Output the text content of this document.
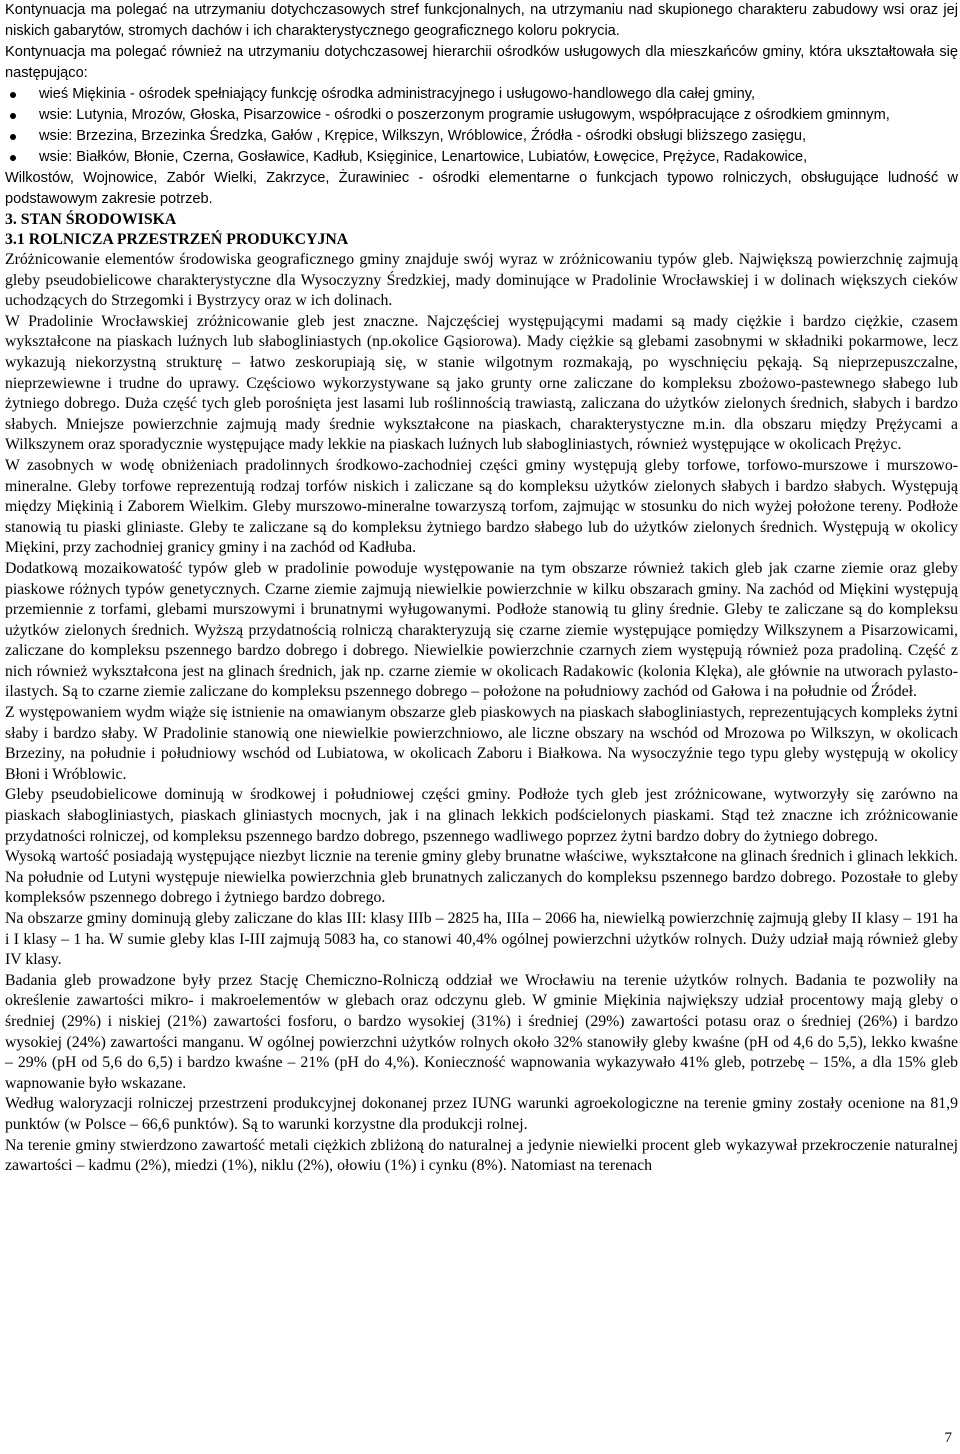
Kontynuacja ma polegać na utrzymaniu dotychczasowych stref funkcjonalnych, na utrzymaniu nad skupionego charakteru zabudowy wsi oraz jej niskich gabarytów, stromych dachów i ich charakterystycznego geograficznego koloru pokrycia.

Kontynuacja ma polegać również na utrzymaniu dotychczasowej hierarchii ośrodków usługowych dla mieszkańców gminy, która ukształtowała się następująco:

wieś Miękinia - ośrodek spełniający funkcję ośrodka administracyjnego i usługowo-handlowego dla całej gminy,
wsie: Lutynia, Mrozów, Głoska, Pisarzowice - ośrodki o poszerzonym programie usługowym, współpracujące z ośrodkiem gminnym,
wsie: Brzezina, Brzezinka Średzka, Gałów , Krępice, Wilkszyn, Wróblowice, Źródła - ośrodki obsługi bliższego zasięgu,
wsie: Białków, Błonie, Czerna, Gosławice, Kadłub, Księginice, Lenartowice, Lubiatów, Łowęcice, Prężyce, Radakowice,

Wilkostów, Wojnowice, Zabór Wielki, Zakrzyce, Żurawiniec - ośrodki elementarne o funkcjach typowo rolniczych, obsługujące ludność w podstawowym zakresie potrzeb.

3. STAN ŚRODOWISKA
3.1 ROLNICZA PRZESTRZEŃ PRODUKCYJNA

Zróżnicowanie elementów środowiska geograficznego gminy znajduje swój wyraz w zróżnicowaniu typów gleb. Największą powierzchnię zajmują gleby pseudobielicowe charakterystyczne dla Wysoczyzny Średzkiej, mady dominujące w Pradolinie Wrocławskiej i w dolinach większych cieków uchodzących do Strzegomki i Bystrzycy oraz w ich dolinach.

W Pradolinie Wrocławskiej zróżnicowanie gleb jest znaczne. Najczęściej występującymi madami są mady ciężkie i bardzo ciężkie, czasem wykształcone na piaskach luźnych lub słabogliniastych (np.okolice Gąsiorowa). Mady ciężkie są glebami zasobnymi w składniki pokarmowe, lecz wykazują niekorzystną strukturę – łatwo zeskorupiają się, w stanie wilgotnym rozmakają, po wyschnięciu pękają. Są nieprzepuszczalne, nieprzewiewne i trudne do uprawy. Częściowo wykorzystywane są jako grunty orne zaliczane do kompleksu zbożowo-pastewnego słabego lub żytniego dobrego. Duża część tych gleb porośnięta jest lasami lub roślinnością trawiastą, zaliczana do użytków zielonych średnich, słabych i bardzo słabych. Mniejsze powierzchnie zajmują mady średnie wykształcone na piaskach, charakterystyczne m.in. dla obszaru między Prężycami a Wilkszynem oraz sporadycznie występujące mady lekkie na piaskach luźnych lub słabogliniastych, również występujące w okolicach Prężyc.

W zasobnych w wodę obniżeniach pradolinnych środkowo-zachodniej części gminy występują gleby torfowe, torfowo-murszowe i murszowo-mineralne. Gleby torfowe reprezentują rodzaj torfów niskich i zaliczane są do kompleksu użytków zielonych słabych i bardzo słabych. Występują między Miękinią i Zaborem Wielkim. Gleby murszowo-mineralne towarzyszą torfom, zajmując w stosunku do nich wyżej położone tereny. Podłoże stanowią tu piaski gliniaste. Gleby te zaliczane są do kompleksu żytniego bardzo słabego lub do użytków zielonych średnich. Występują w okolicy Miękini, przy zachodniej granicy gminy i na zachód od Kadłuba.

Dodatkową mozaikowatość typów gleb w pradolinie powoduje występowanie na tym obszarze również takich gleb jak czarne ziemie oraz gleby piaskowe różnych typów genetycznych. Czarne ziemie zajmują niewielkie powierzchnie w kilku obszarach gminy. Na zachód od Miękini występują przemiennie z torfami, glebami murszowymi i brunatnymi wyługowanymi. Podłoże stanowią tu gliny średnie. Gleby te zaliczane są do kompleksu użytków zielonych średnich. Wyższą przydatnością rolniczą charakteryzują się czarne ziemie występujące pomiędzy Wilkszynem a Pisarzowicami, zaliczane do kompleksu pszennego bardzo dobrego i dobrego. Niewielkie powierzchnie czarnych ziem występują również poza pradoliną. Część z nich również wykształcona jest na glinach średnich, jak np. czarne ziemie w okolicach Radakowic (kolonia Klęka), ale głównie na utworach pylasto-ilastych. Są to czarne ziemie zaliczane do kompleksu pszennego dobrego – położone na południowy zachód od Gałowa i na południe od Źródeł.

Z występowaniem wydm wiąże się istnienie na omawianym obszarze gleb piaskowych na piaskach słabogliniastych, reprezentujących kompleks żytni słaby i bardzo słaby. W Pradolinie stanowią one niewielkie powierzchniowo, ale liczne obszary na wschód od Mrozowa po Wilkszyn, w okolicach Brzeziny, na południe i południowy wschód od Lubiatowa, w okolicach Zaboru i Białkowa. Na wysoczyźnie tego typu gleby występują w okolicy Błoni i Wróblowic.

Gleby pseudobielicowe dominują w środkowej i południowej części gminy. Podłoże tych gleb jest zróżnicowane, wytworzyły się zarówno na piaskach słabogliniastych, piaskach gliniastych mocnych, jak i na glinach lekkich podścielonych piaskami. Stąd też znaczne ich zróżnicowanie przydatności rolniczej, od kompleksu pszennego bardzo dobrego, pszennego wadliwego poprzez żytni bardzo dobry do żytniego dobrego.

Wysoką wartość posiadają występujące niezbyt licznie na terenie gminy gleby brunatne właściwe, wykształcone na glinach średnich i glinach lekkich. Na południe od Lutyni występuje niewielka powierzchnia gleb brunatnych zaliczanych do kompleksu pszennego bardzo dobrego. Pozostałe to gleby kompleksów pszennego dobrego i żytniego bardzo dobrego.

Na obszarze gminy dominują gleby zaliczane do klas III: klasy IIIb – 2825 ha, IIIa – 2066 ha, niewielką powierzchnię zajmują gleby II klasy – 191 ha i I klasy – 1 ha. W sumie gleby klas I-III zajmują 5083 ha, co stanowi 40,4% ogólnej powierzchni użytków rolnych. Duży udział mają również gleby IV klasy.

Badania gleb prowadzone były przez Stację Chemiczno-Rolniczą oddział we Wrocławiu na terenie użytków rolnych. Badania te pozwoliły na określenie zawartości mikro- i makroelementów w glebach oraz odczynu gleb. W gminie Miękinia największy udział procentowy mają gleby o średniej (29%) i niskiej (21%) zawartości fosforu, o bardzo wysokiej (31%) i średniej (29%) zawartości potasu oraz o średniej (26%) i bardzo wysokiej (24%) zawartości manganu. W ogólnej powierzchni użytków rolnych około 32% stanowiły gleby kwaśne (pH od 4,6 do 5,5), lekko kwaśne – 29% (pH od 5,6 do 6,5) i bardzo kwaśne – 21% (pH do 4,%). Konieczność wapnowania wykazywało 41% gleb, potrzebę – 15%, a dla 15% gleb wapnowanie było wskazane.

Według waloryzacji rolniczej przestrzeni produkcyjnej dokonanej przez IUNG warunki agroekologiczne na terenie gminy zostały ocenione na 81,9 punktów (w Polsce – 66,6 punktów). Są to warunki korzystne dla produkcji rolnej.

Na terenie gminy stwierdzono zawartość metali ciężkich zbliżoną do naturalnej a jedynie niewielki procent gleb wykazywał przekroczenie naturalnej zawartości – kadmu (2%), miedzi (1%), niklu (2%), ołowiu (1%) i cynku (8%). Natomiast na terenach

7
